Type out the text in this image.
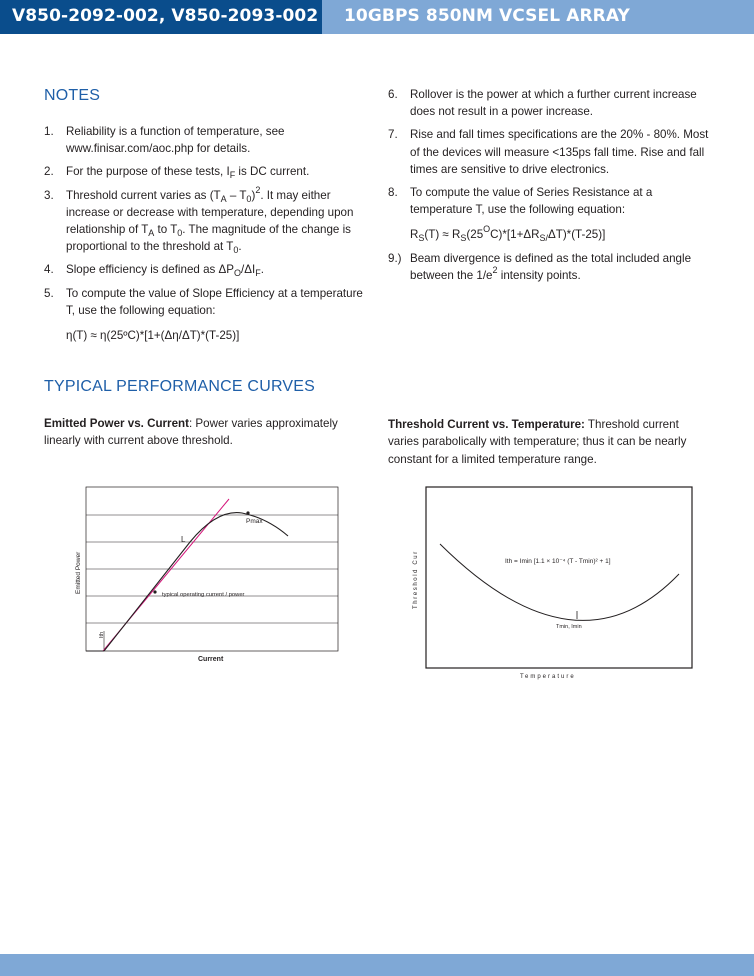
V850-2092-002, V850-2093-002 10GBPS 850NM VCSEL ARRAY
NOTES
1. Reliability is a function of temperature, see www.finisar.com/aoc.php for details.
2. For the purpose of these tests, $I_F$ is DC current.
3. Threshold current varies as $(T_A - T_0)^2$. It may either increase or decrease with temperature, depending upon relationship of $T_A$ to $T_0$. The magnitude of the change is proportional to the threshold at $T_0$.
4. Slope efficiency is defined as $\Delta P_O/\Delta I_F$.
5. To compute the value of Slope Efficiency at a temperature T, use the following equation:
η(T) ≈ η(25ºC)*[1+(Δη/ΔT)*(T-25)]
6. Rollover is the power at which a further current increase does not result in a power increase.
7. Rise and fall times specifications are the 20% - 80%. Most of the devices will measure <135ps fall time. Rise and fall times are sensitive to drive electronics.
8. To compute the value of Series Resistance at a temperature T, use the following equation:
$R_S(T) \approx R_S(25^OC)*[1+\Delta R_{S/}\Delta T)*(T-25)$]
9.) Beam divergence is defined as the total included angle between the $1/e^2$ intensity points.
TYPICAL PERFORMANCE CURVES
Emitted Power vs. Current: Power varies approximately linearly with current above threshold.
Threshold Current vs. Temperature: Threshold current varies parabolically with temperature; thus it can be nearly constant for a limited temperature range.
Pmax
typical operating current / power
L
Ith
Emitted Power
Current
Ith = Imin [1.1 × 10⁻⁴ (T - Tmin)² + 1]
Tmin, Imin
Threshold Cur
Temperature
